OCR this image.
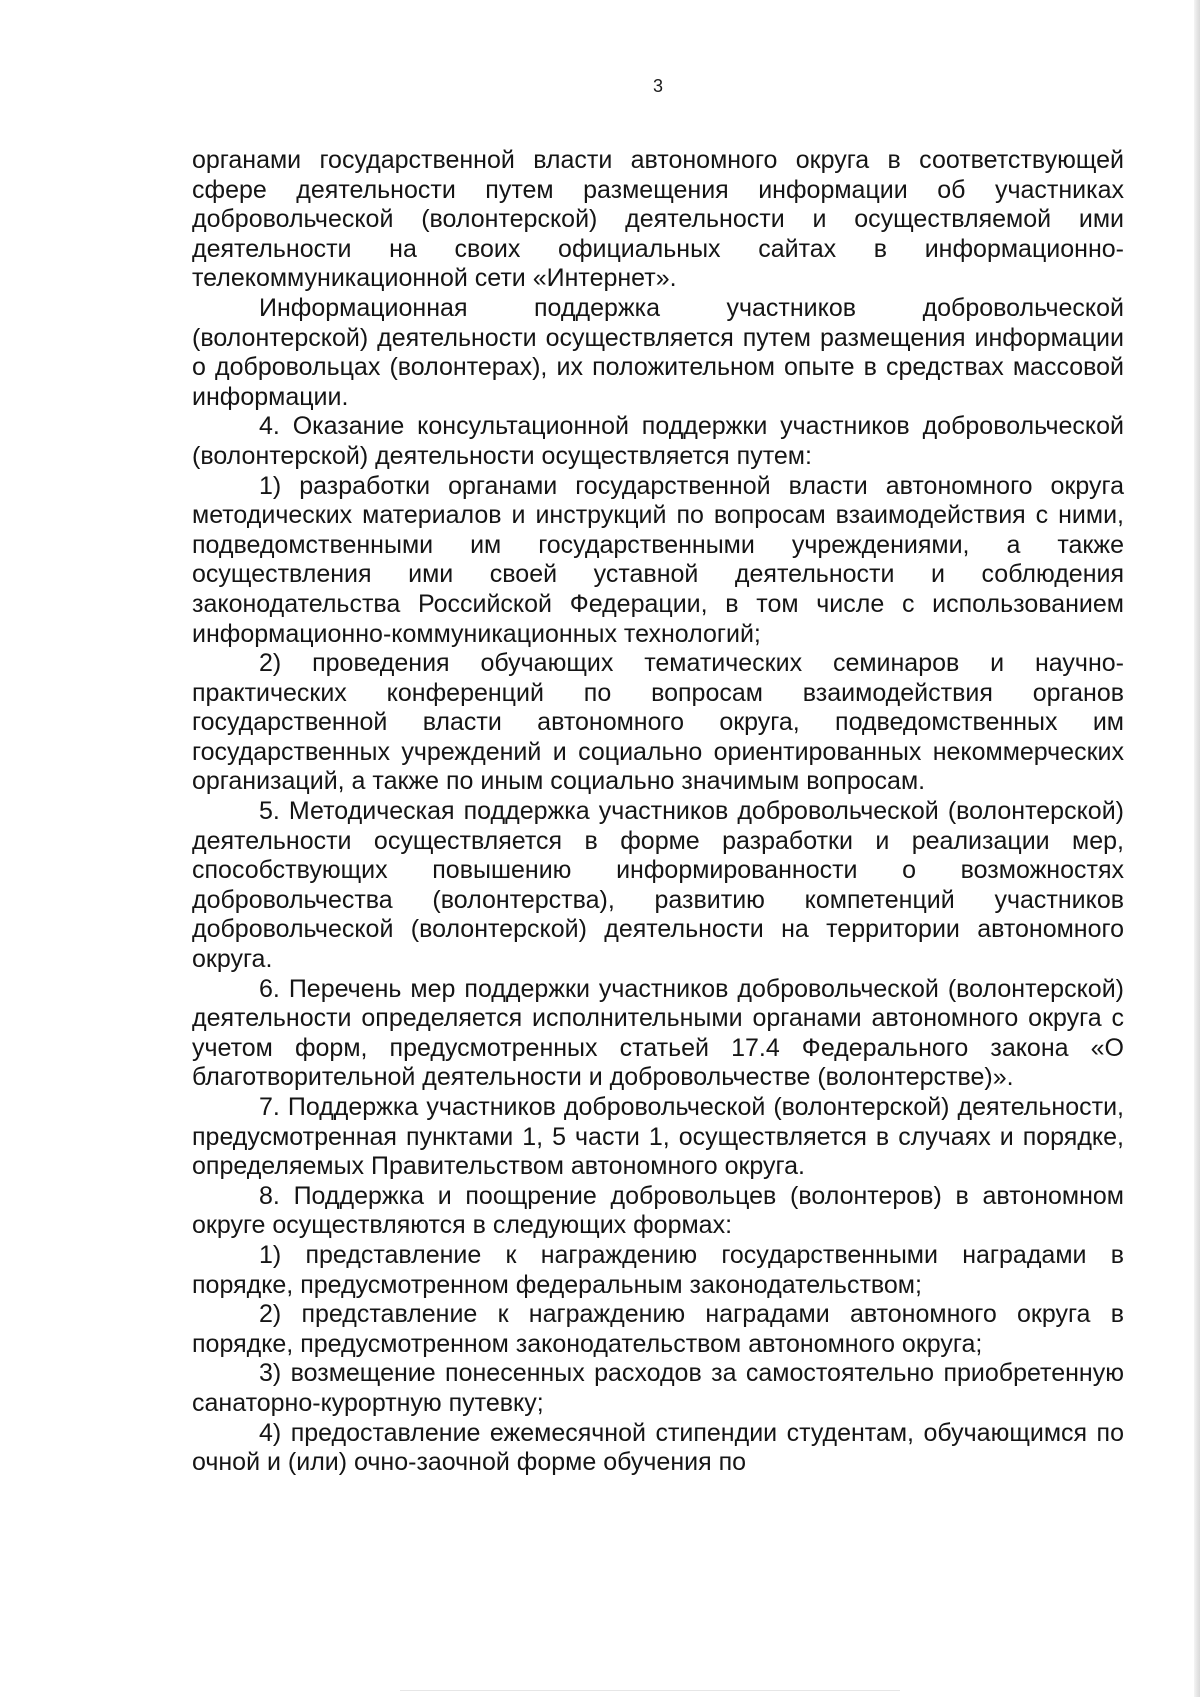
3

органами государственной власти автономного округа в соответствующей сфере деятельности путем размещения информации об участниках добровольческой (волонтерской) деятельности и осуществляемой ими деятельности на своих официальных сайтах в информационно-телекоммуникационной сети «Интернет».

Информационная поддержка участников добровольческой (волонтерской) деятельности осуществляется путем размещения информации о добровольцах (волонтерах), их положительном опыте в средствах массовой информации.

4. Оказание консультационной поддержки участников добровольческой (волонтерской) деятельности осуществляется путем:

1) разработки органами государственной власти автономного округа методических материалов и инструкций по вопросам взаимодействия с ними, подведомственными им государственными учреждениями, а также осуществления ими своей уставной деятельности и соблюдения законодательства Российской Федерации, в том числе с использованием информационно-коммуникационных технологий;

2) проведения обучающих тематических семинаров и научно-практических конференций по вопросам взаимодействия органов государственной власти автономного округа, подведомственных им государственных учреждений и социально ориентированных некоммерческих организаций, а также по иным социально значимым вопросам.

5. Методическая поддержка участников добровольческой (волонтерской) деятельности осуществляется в форме разработки и реализации мер, способствующих повышению информированности о возможностях добровольчества (волонтерства), развитию компетенций участников добровольческой (волонтерской) деятельности на территории автономного округа.

6. Перечень мер поддержки участников добровольческой (волонтерской) деятельности определяется исполнительными органами автономного округа с учетом форм, предусмотренных статьей 17.4 Федерального закона «О благотворительной деятельности и добровольчестве (волонтерстве)».

7. Поддержка участников добровольческой (волонтерской) деятельности, предусмотренная пунктами 1, 5 части 1, осуществляется в случаях и порядке, определяемых Правительством автономного округа.

8. Поддержка и поощрение добровольцев (волонтеров) в автономном округе осуществляются в следующих формах:

1) представление к награждению государственными наградами в порядке, предусмотренном федеральным законодательством;

2) представление к награждению наградами автономного округа в порядке, предусмотренном законодательством автономного округа;

3) возмещение понесенных расходов за самостоятельно приобретенную санаторно-курортную путевку;

4) предоставление ежемесячной стипендии студентам, обучающимся по очной и (или) очно-заочной форме обучения по
